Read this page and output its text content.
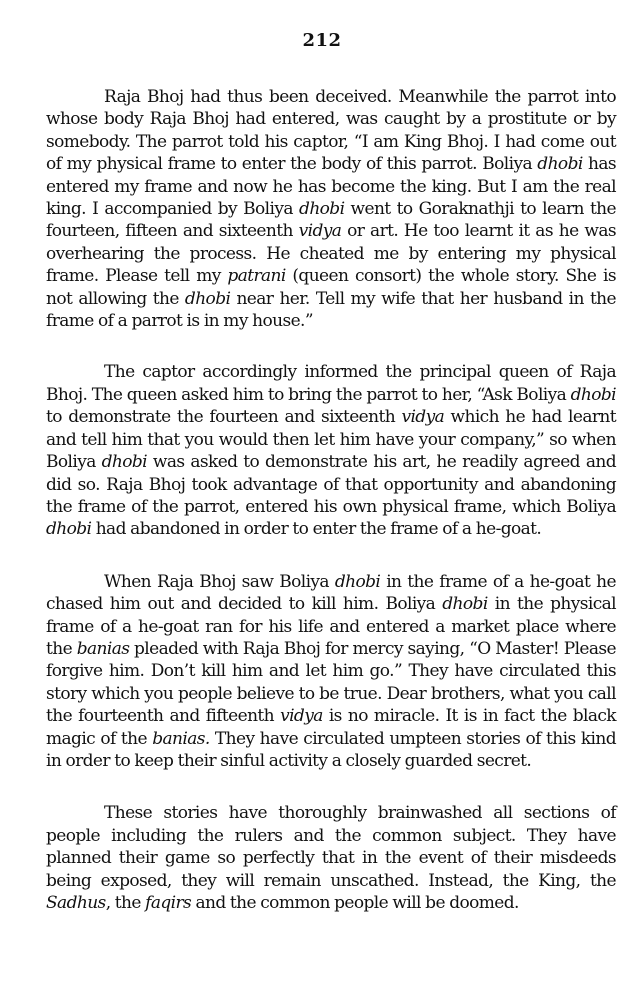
212

Raja Bhoj had thus been deceived. Meanwhile the parrot into whose body Raja Bhoj had entered, was caught by a prostitute or by somebody. The parrot told his captor, “I am King Bhoj. I had come out of my physical frame to enter the body of this parrot. Boliya dhobi has entered my frame and now he has become the king. But I am the real king. I accompanied by Boliya dhobi went to Goraknathji to learn the fourteen, fifteen and sixteenth vidya or art. He too learnt it as he was overhearing the process. He cheated me by entering my physical frame. Please tell my patrani (queen consort) the whole story. She is not allowing the dhobi near her. Tell my wife that her husband in the frame of a parrot is in my house.”

The captor accordingly informed the principal queen of Raja Bhoj. The queen asked him to bring the parrot to her, “Ask Boliya dhobi to demonstrate the fourteen and sixteenth vidya which he had learnt and tell him that you would then let him have your company,” so when Boliya dhobi was asked to demonstrate his art, he readily agreed and did so. Raja Bhoj took advantage of that opportunity and abandoning the frame of the parrot, entered his own physical frame, which Boliya dhobi had abandoned in order to enter the frame of a he-goat.

When Raja Bhoj saw Boliya dhobi in the frame of a he-goat he chased him out and decided to kill him. Boliya dhobi in the physical frame of a he-goat ran for his life and entered a market place where the banias pleaded with Raja Bhoj for mercy saying, “O Master! Please forgive him. Don’t kill him and let him go.” They have circulated this story which you people believe to be true. Dear brothers, what you call the fourteenth and fifteenth vidya is no miracle. It is in fact the black magic of the banias. They have circulated umpteen stories of this kind in order to keep their sinful activity a closely guarded secret.

These stories have thoroughly brainwashed all sections of people including the rulers and the common subject. They have planned their game so perfectly that in the event of their misdeeds being exposed, they will remain unscathed. Instead, the King, the Sadhus, the faqirs and the common people will be doomed.
